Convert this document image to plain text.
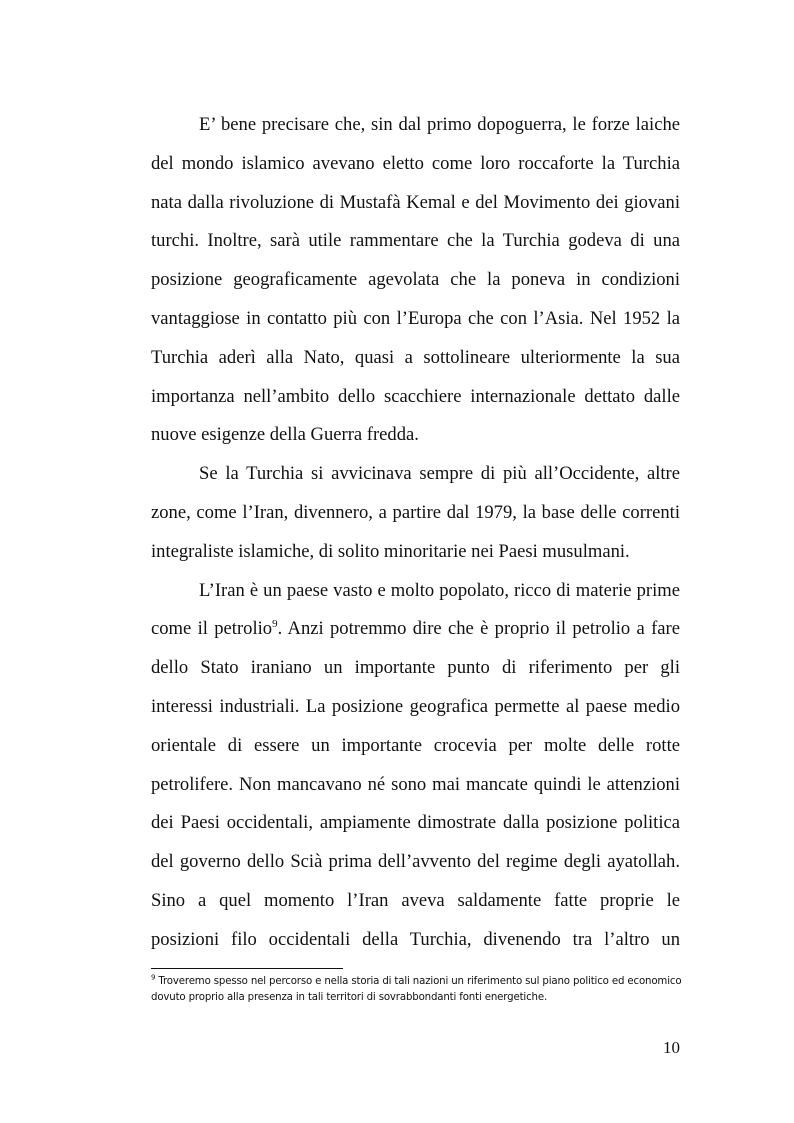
E’ bene precisare che, sin dal primo dopoguerra, le forze laiche
del mondo islamico avevano eletto come loro roccaforte la Turchia
nata dalla rivoluzione di Mustafà Kemal e del Movimento dei giovani
turchi. Inoltre, sarà utile rammentare che la Turchia godeva di una
posizione geograficamente agevolata che la poneva in condizioni
vantaggiose in contatto più con l’Europa che con l’Asia. Nel 1952 la
Turchia aderì alla Nato, quasi a sottolineare ulteriormente la sua
importanza nell’ambito dello scacchiere internazionale dettato dalle
nuove esigenze della Guerra fredda.

Se la Turchia si avvicinava sempre di più all’Occidente, altre
zone, come l’Iran, divennero, a partire dal 1979, la base delle correnti
integraliste islamiche, di solito minoritarie nei Paesi musulmani.

L’Iran è un paese vasto e molto popolato, ricco di materie prime
come il petrolio$^9$. Anzi potremmo dire che è proprio il petrolio a fare
dello Stato iraniano un importante punto di riferimento per gli
interessi industriali. La posizione geografica permette al paese medio
orientale di essere un importante crocevia per molte delle rotte
petrolifere. Non mancavano né sono mai mancate quindi le attenzioni
dei Paesi occidentali, ampiamente dimostrate dalla posizione politica
del governo dello Scià prima dell’avvento del regime degli ayatollah.
Sino a quel momento l’Iran aveva saldamente fatte proprie le
posizioni filo occidentali della Turchia, divenendo tra l’altro un

$^9$ Troveremo spesso nel percorso e nella storia di tali nazioni un riferimento sul piano politico ed economico dovuto proprio alla presenza in tali territori di sovrabbondanti fonti energetiche.
10
